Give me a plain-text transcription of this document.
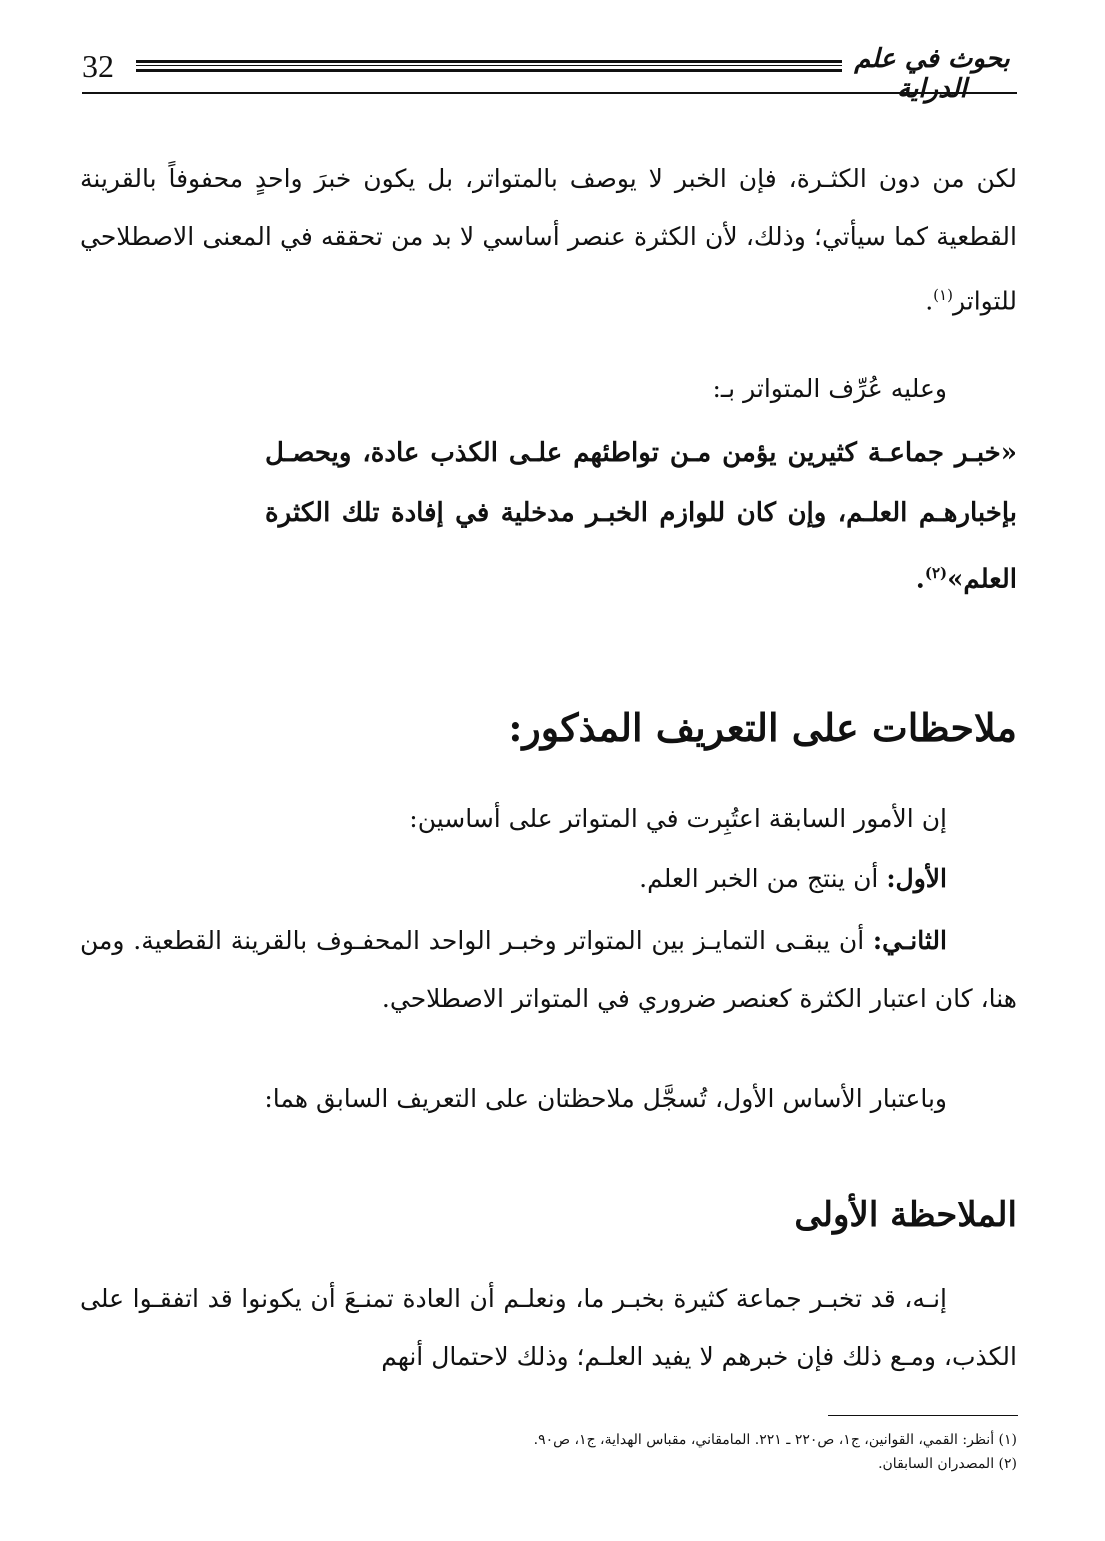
32	بحوث في علم الدراية

لكن من دون الكثـرة، فإن الخبر لا يوصف بالمتواتر، بل يكون خبرَ واحدٍ محفوفاً بالقرينة القطعية كما سيأتي؛ وذلك، لأن الكثرة عنصر أساسي لا بد من تحققه في المعنى الاصطلاحي للتواتر$^{(١)}$.

وعليه عُرِّف المتواتر بـ:

«خبـر جماعـة كثيرين يؤمن مـن تواطئهم علـى الكذب عادة، ويحصـل بإخبارهـم العلـم، وإن كان للوازم الخبـر مدخلية في إفادة تلك الكثرة العلم»$^{(٢)}$.

ملاحظات على التعريف المذكور:

إن الأمور السابقة اعتُبِرت في المتواتر على أساسين:

الأول: أن ينتج من الخبر العلم.

الثانـي: أن يبقـى التمايـز بين المتواتر وخبـر الواحد المحفـوف بالقرينة القطعية. ومن هنا، كان اعتبار الكثرة كعنصر ضروري في المتواتر الاصطلاحي.

وباعتبار الأساس الأول، تُسجَّل ملاحظتان على التعريف السابق هما:

الملاحظة الأولى

إنـه، قد تخبـر جماعة كثيرة بخبـر ما، ونعلـم أن العادة تمنـعَ أن يكونوا قد اتفقـوا على الكذب، ومـع ذلك فإن خبرهم لا يفيد العلـم؛ وذلك لاحتمال أنهم

(١) أنظر: القمي، القوانين، ج١، ص٢٢٠ ـ ٢٢١. المامقاني، مقباس الهداية، ج١، ص٩٠.

(٢) المصدران السابقان.
